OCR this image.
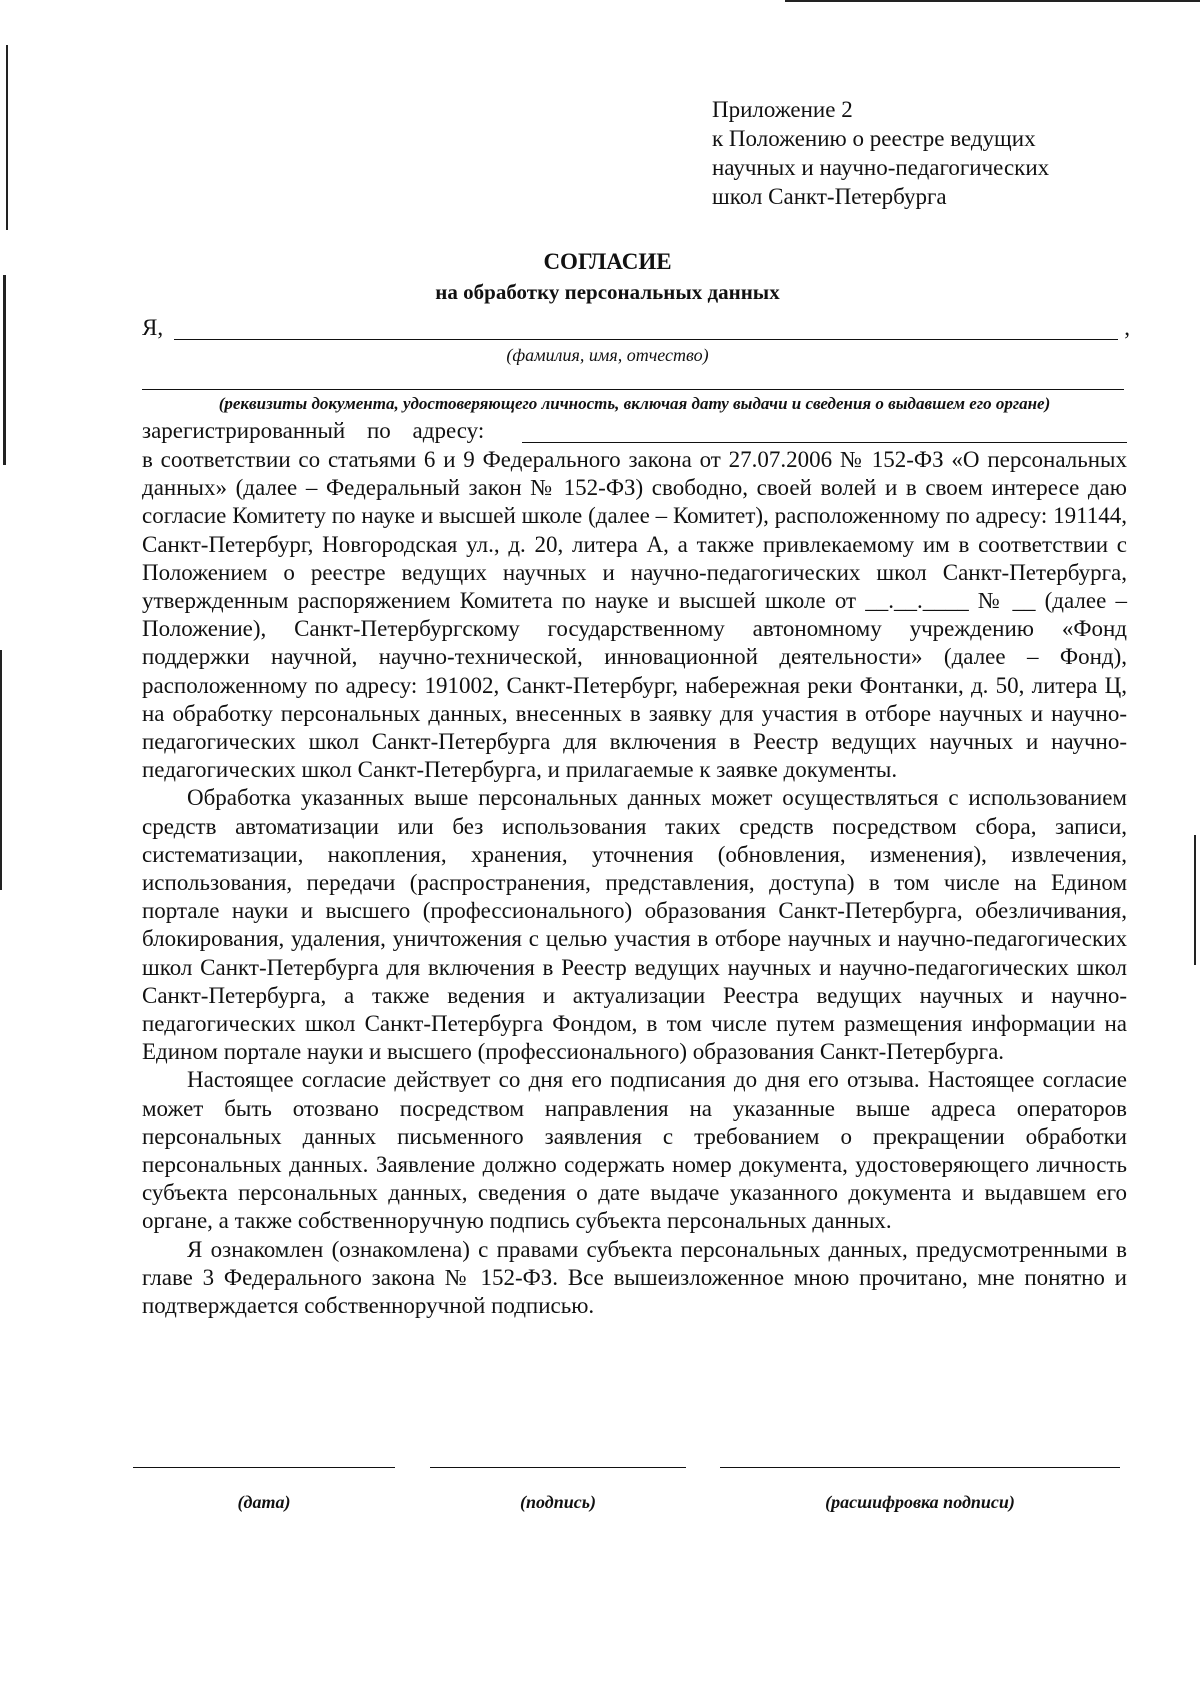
Приложение 2
к Положению о реестре ведущих
научных и научно-педагогических
школ Санкт-Петербурга
СОГЛАСИЕ
на обработку персональных данных
Я,	,
(фамилия, имя, отчество)
(реквизиты документа, удостоверяющего личность, включая дату выдачи и сведения о выдавшем его органе)
зарегистрированный по адресу:

в соответствии со статьями 6 и 9 Федерального закона от 27.07.2006 № 152-ФЗ «О персональных данных» (далее – Федеральный закон № 152-ФЗ) свободно, своей волей и в своем интересе даю согласие Комитету по науке и высшей школе (далее – Комитет), расположенному по адресу: 191144, Санкт-Петербург, Новгородская ул., д. 20, литера А, а также привлекаемому им в соответствии с Положением о реестре ведущих научных и научно-педагогических школ Санкт-Петербурга, утвержденным распоряжением Комитета по науке и высшей школе от __.__.____ № __ (далее – Положение), Санкт-Петербургскому государственному автономному учреждению «Фонд поддержки научной, научно-технической, инновационной деятельности» (далее – Фонд), расположенному по адресу: 191002, Санкт-Петербург, набережная реки Фонтанки, д. 50, литера Ц, на обработку персональных данных, внесенных в заявку для участия в отборе научных и научно-педагогических школ Санкт-Петербурга для включения в Реестр ведущих научных и научно-педагогических школ Санкт-Петербурга, и прилагаемые к заявке документы.

Обработка указанных выше персональных данных может осуществляться с использованием средств автоматизации или без использования таких средств посредством сбора, записи, систематизации, накопления, хранения, уточнения (обновления, изменения), извлечения, использования, передачи (распространения, представления, доступа) в том числе на Едином портале науки и высшего (профессионального) образования Санкт-Петербурга, обезличивания, блокирования, удаления, уничтожения с целью участия в отборе научных и научно-педагогических школ Санкт-Петербурга для включения в Реестр ведущих научных и научно-педагогических школ Санкт-Петербурга, а также ведения и актуализации Реестра ведущих научных и научно-педагогических школ Санкт-Петербурга Фондом, в том числе путем размещения информации на Едином портале науки и высшего (профессионального) образования Санкт-Петербурга.

Настоящее согласие действует со дня его подписания до дня его отзыва. Настоящее согласие может быть отозвано посредством направления на указанные выше адреса операторов персональных данных письменного заявления с требованием о прекращении обработки персональных данных. Заявление должно содержать номер документа, удостоверяющего личность субъекта персональных данных, сведения о дате выдаче указанного документа и выдавшем его органе, а также собственноручную подпись субъекта персональных данных.

Я ознакомлен (ознакомлена) с правами субъекта персональных данных, предусмотренными в главе 3 Федерального закона № 152-ФЗ. Все вышеизложенное мною прочитано, мне понятно и подтверждается собственноручной подписью.

(дата)	(подпись)	(расшифровка подписи)
